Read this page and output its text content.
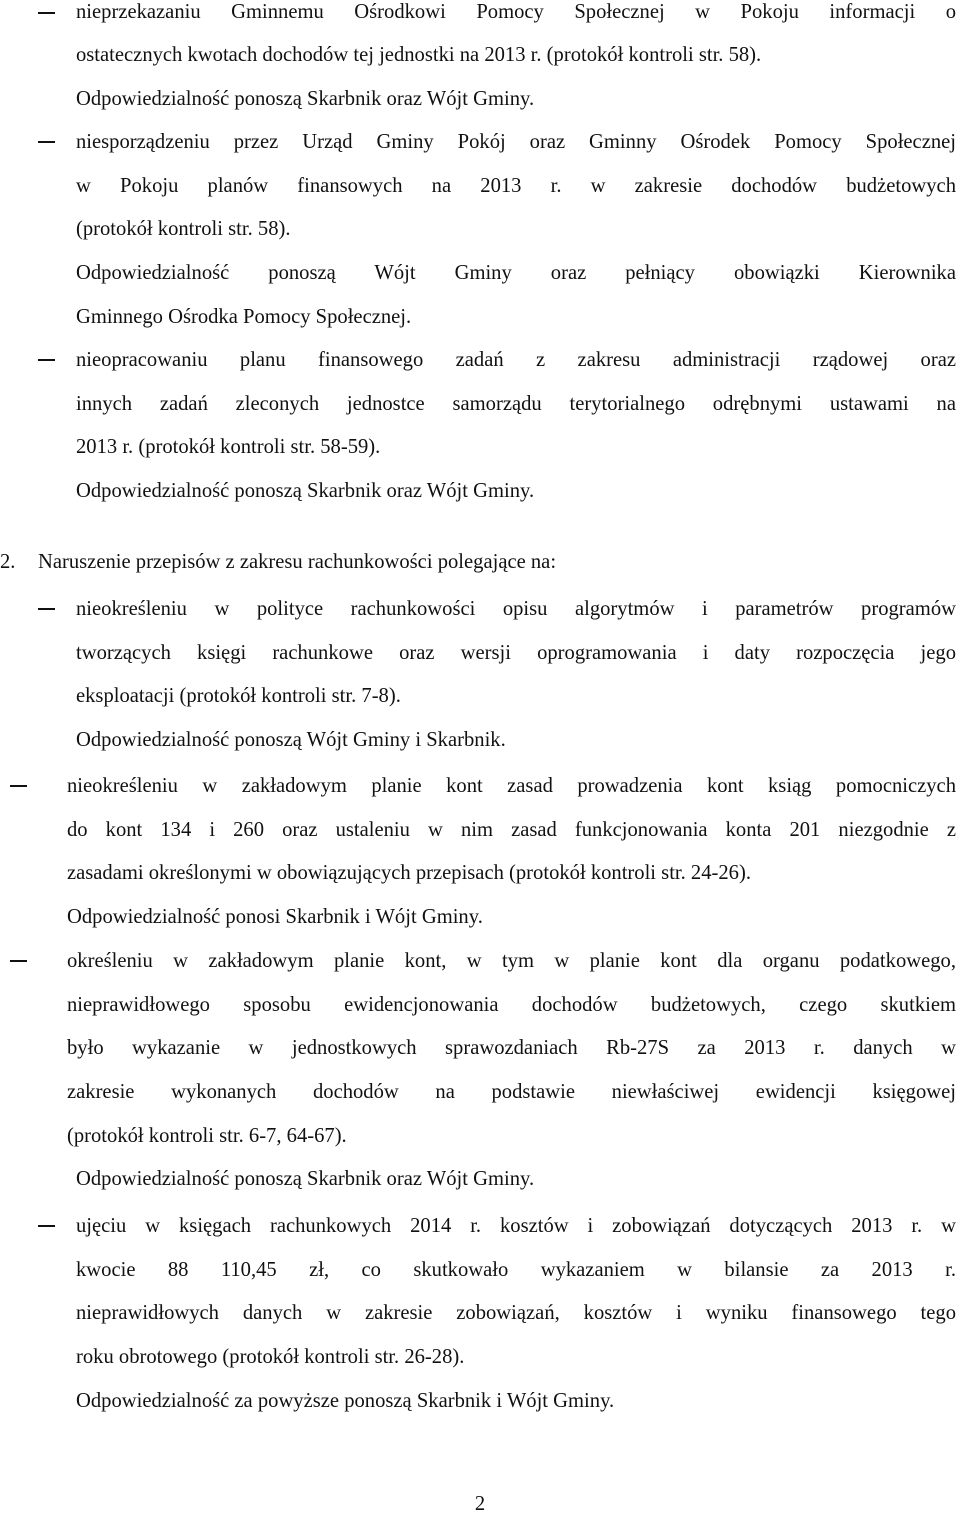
nieprzekazaniu Gminnemu Ośrodkowi Pomocy Społecznej w Pokoju informacji o
ostatecznych kwotach dochodów tej jednostki na 2013 r. (protokół kontroli str. 58).
Odpowiedzialność ponoszą Skarbnik oraz Wójt Gminy.
niesporządzeniu przez Urząd Gminy Pokój oraz Gminny Ośrodek Pomocy Społecznej
w Pokoju planów finansowych na 2013 r. w zakresie dochodów budżetowych
(protokół kontroli str. 58).
Odpowiedzialność ponoszą Wójt Gminy oraz pełniący obowiązki Kierownika
Gminnego Ośrodka Pomocy Społecznej.
nieopracowaniu planu finansowego zadań z zakresu administracji rządowej oraz
innych zadań zleconych jednostce samorządu terytorialnego odrębnymi ustawami na
2013 r. (protokół kontroli str. 58-59).
Odpowiedzialność ponoszą Skarbnik oraz Wójt Gminy.
2. Naruszenie przepisów z zakresu rachunkowości polegające na:
nieokreśleniu w polityce rachunkowości opisu algorytmów i parametrów programów
tworzących księgi rachunkowe oraz wersji oprogramowania i daty rozpoczęcia jego
eksploatacji (protokół kontroli str. 7-8).
Odpowiedzialność ponoszą Wójt Gminy i Skarbnik.
nieokreśleniu w zakładowym planie kont zasad prowadzenia kont ksiąg pomocniczych
do kont 134 i 260 oraz ustaleniu w nim zasad funkcjonowania konta 201 niezgodnie z
zasadami określonymi w obowiązujących przepisach (protokół kontroli str. 24-26).
Odpowiedzialność ponosi Skarbnik i Wójt Gminy.
określeniu w zakładowym planie kont, w tym w planie kont dla organu podatkowego,
nieprawidłowego sposobu ewidencjonowania dochodów budżetowych, czego skutkiem
było wykazanie w jednostkowych sprawozdaniach Rb-27S za 2013 r. danych w
zakresie wykonanych dochodów na podstawie niewłaściwej ewidencji księgowej
(protokół kontroli str. 6-7, 64-67).
Odpowiedzialność ponoszą Skarbnik oraz Wójt Gminy.
ujęciu w księgach rachunkowych 2014 r. kosztów i zobowiązań dotyczących 2013 r. w
kwocie 88 110,45 zł, co skutkowało wykazaniem w bilansie za 2013 r.
nieprawidłowych danych w zakresie zobowiązań, kosztów i wyniku finansowego tego
roku obrotowego (protokół kontroli str. 26-28).
Odpowiedzialność za powyższe ponoszą Skarbnik i Wójt Gminy.
2
